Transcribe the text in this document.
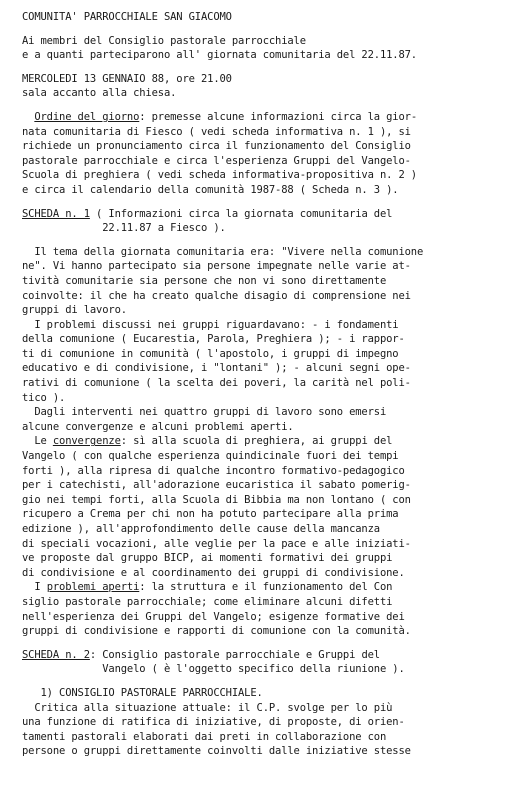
COMUNITA' PARROCCHIALE SAN GIACOMO
Ai membri del Consiglio pastorale parrocchiale
e a quanti parteciparono all' giornata comunitaria del 22.11.87.
MERCOLEDI 13 GENNAIO 88, ore 21.00
sala accanto alla chiesa.
Ordine del giorno: premesse alcune informazioni circa la gior-
nata comunitaria di Fiesco ( vedi scheda informativa n. 1 ), si
richiede un pronunciamento circa il funzionamento del Consiglio
pastorale parrocchiale e circa l'esperienza Gruppi del Vangelo-
Scuola di preghiera ( vedi scheda informativa-propositiva n. 2 )
e circa il calendario della comunità 1987-88 ( Scheda n. 3 ).
SCHEDA n. 1 ( Informazioni circa la giornata comunitaria del
22.11.87 a Fiesco ).
Il tema della giornata comunitaria era: "Vivere nella comunione
ne". Vi hanno partecipato sia persone impegnate nelle varie at-
tività comunitarie sia persone che non vi sono direttamente
coinvolte: il che ha creato qualche disagio di comprensione nei
gruppi di lavoro.
I problemi discussi nei gruppi riguardavano: - i fondamenti
della comunione ( Eucarestia, Parola, Preghiera ); - i rappor-
ti di comunione in comunità ( l'apostolo, i gruppi di impegno
educativo e di condivisione, i "lontani" ); - alcuni segni ope-
rativi di comunione ( la scelta dei poveri, la carità nel poli-
tico ).
Dagli interventi nei quattro gruppi di lavoro sono emersi
alcune convergenze e alcuni problemi aperti.
Le convergenze: sì alla scuola di preghiera, ai gruppi del
Vangelo ( con qualche esperienza quindicinale fuori dei tempi
forti ), alla ripresa di qualche incontro formativo-pedagogico
per i catechisti, all'adorazione eucaristica il sabato pomerig-
gio nei tempi forti, alla Scuola di Bibbia ma non lontano ( con
ricupero a Crema per chi non ha potuto partecipare alla prima
edizione ), all'approfondimento delle cause della mancanza
di speciali vocazioni, alle veglie per la pace e alle iniziati-
ve proposte dal gruppo BICP, ai momenti formativi dei gruppi
di condivisione e al coordinamento dei gruppi di condivisione.
I problemi aperti: la struttura e il funzionamento del Con
siglio pastorale parrocchiale; come eliminare alcuni difetti
nell'esperienza dei Gruppi del Vangelo; esigenze formative dei
gruppi di condivisione e rapporti di comunione con la comunità.
SCHEDA n. 2: Consiglio pastorale parrocchiale e Gruppi del
Vangelo ( è l'oggetto specifico della riunione ).
1) CONSIGLIO PASTORALE PARROCCHIALE.
Critica alla situazione attuale: il C.P. svolge per lo più
una funzione di ratifica di iniziative, di proposte, di orien-
tamenti pastorali elaborati dai preti in collaborazione con
persone o gruppi direttamente coinvolti dalle iniziative stesse
